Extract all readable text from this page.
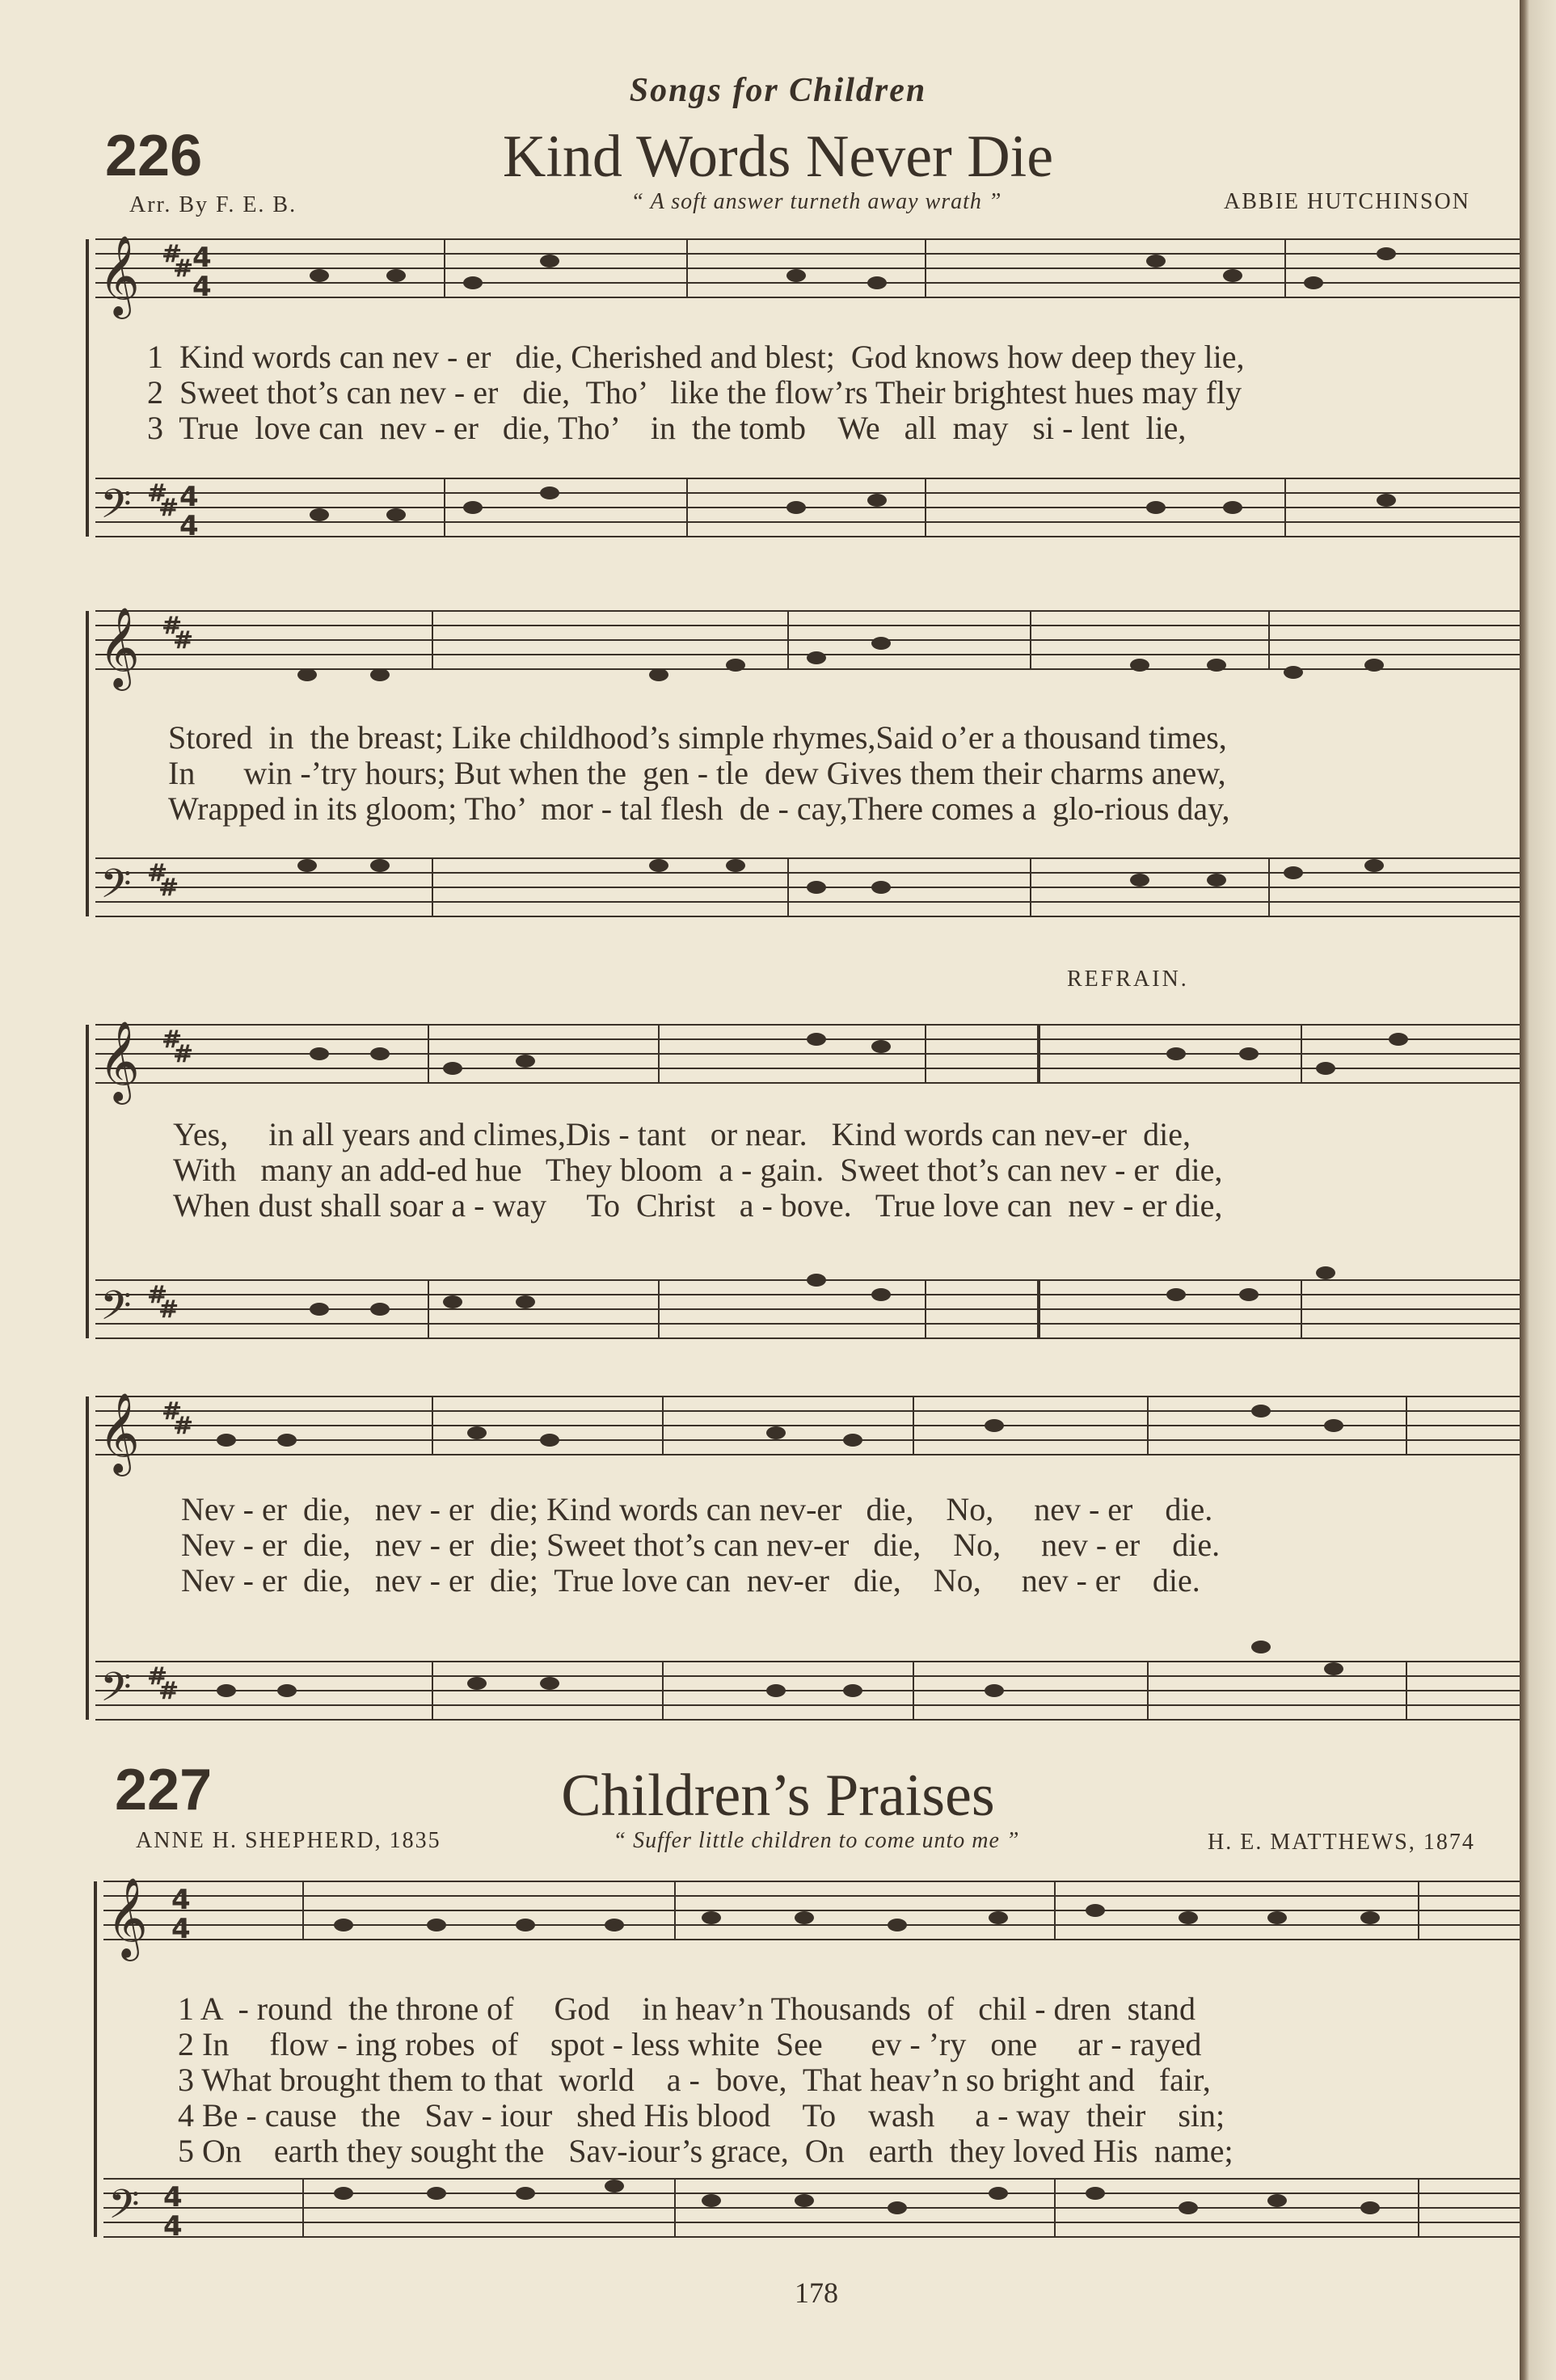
Songs for Children
226	Kind Words Never Die
Arr. By F. E. B.	“ A soft answer turneth away wrath ”	ABBIE HUTCHINSON
𝄞
𝄢
#
#
4
4
#
# 4
4
𝄞
𝄢
#
#
#
#
𝄞
𝄢
#
#
#
#
𝄞
𝄢
#
#
#
#
𝄞
𝄢
4
4
4
4
1  Kind words can nev - er   die, Cherished and blest;  God knows how deep they lie,
2  Sweet thot’s can nev - er   die,  Tho’   like the flow’rs Their brightest hues may fly
3  True  love can  nev - er   die, Tho’    in  the tomb    We   all  may   si - lent  lie,
Stored  in  the breast; Like childhood’s simple rhymes,Said o’er a thousand times,
In      win -’try hours; But when the  gen - tle  dew Gives them their charms anew,
Wrapped in its gloom; Tho’  mor - tal flesh  de - cay,There comes a  glo-rious day,
REFRAIN.
Yes,     in all years and climes,Dis - tant   or near.   Kind words can nev-er  die,
With   many an add-ed hue   They bloom  a - gain.  Sweet thot’s can nev - er  die,
When dust shall soar a - way     To  Christ   a - bove.   True love can  nev - er die,
Nev - er  die,   nev - er  die; Kind words can nev-er   die,    No,     nev - er    die.
Nev - er  die,   nev - er  die; Sweet thot’s can nev-er   die,    No,     nev - er    die.
Nev - er  die,   nev - er  die;  True love can  nev-er   die,    No,     nev - er    die.
227	Children’s Praises
ANNE H. SHEPHERD, 1835	“ Suffer little children to come unto me ”	H. E. MATTHEWS, 1874
1 A  - round  the throne of     God    in heav’n Thousands  of   chil - dren  stand
2 In     flow - ing robes  of    spot - less white  See      ev - ’ry   one     ar - rayed
3 What brought them to that  world    a -  bove,  That heav’n so bright and   fair,
4 Be - cause   the   Sav - iour   shed His blood    To    wash     a - way  their    sin;
5 On    earth they sought the   Sav-iour’s grace,  On   earth  they loved His  name;
178
